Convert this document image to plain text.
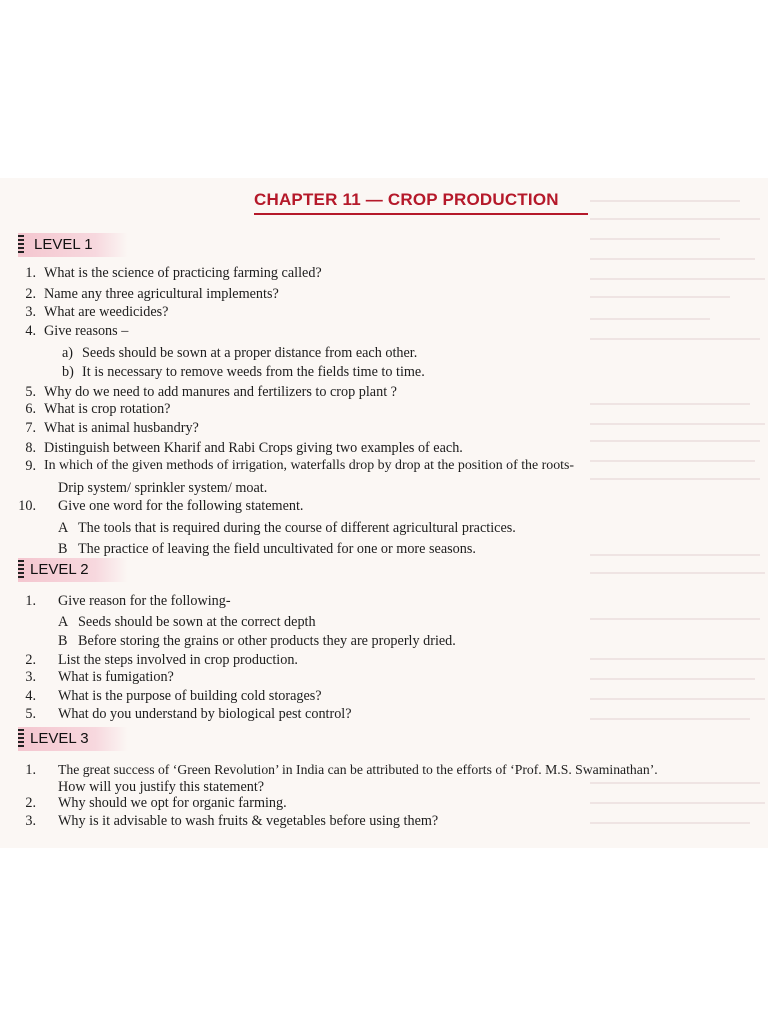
CHAPTER 11 — CROP PRODUCTION
LEVEL 1
1. What is the science of practicing farming called?
2. Name any three agricultural implements?
3. What are weedicides?
4. Give reasons –
a) Seeds should be sown at a proper distance from each other.
b) It is necessary to remove weeds from the fields time to time.
5. Why do we need to add manures and fertilizers to crop plant ?
6. What is crop rotation?
7. What is animal husbandry?
8. Distinguish between Kharif and Rabi Crops giving two examples of each.
9. In which of the given methods of irrigation, waterfalls drop by drop at the position of the roots-
Drip system/ sprinkler system/ moat.
10. Give one word for the following statement.
A The tools that is required during the course of different agricultural practices.
B The practice of leaving the field uncultivated for one or more seasons.
LEVEL 2
1. Give reason for the following-
A Seeds should be sown at the correct depth
B Before storing the grains or other products they are properly dried.
2. List the steps involved in crop production.
3. What is fumigation?
4. What is the purpose of building cold storages?
5. What do you understand by biological pest control?
LEVEL 3
1. The great success of ‘Green Revolution’ in India can be attributed to the efforts of ‘Prof. M.S. Swaminathan’.
How will you justify this statement?
2. Why should we opt for organic farming.
3. Why is it advisable to wash fruits & vegetables before using them?
